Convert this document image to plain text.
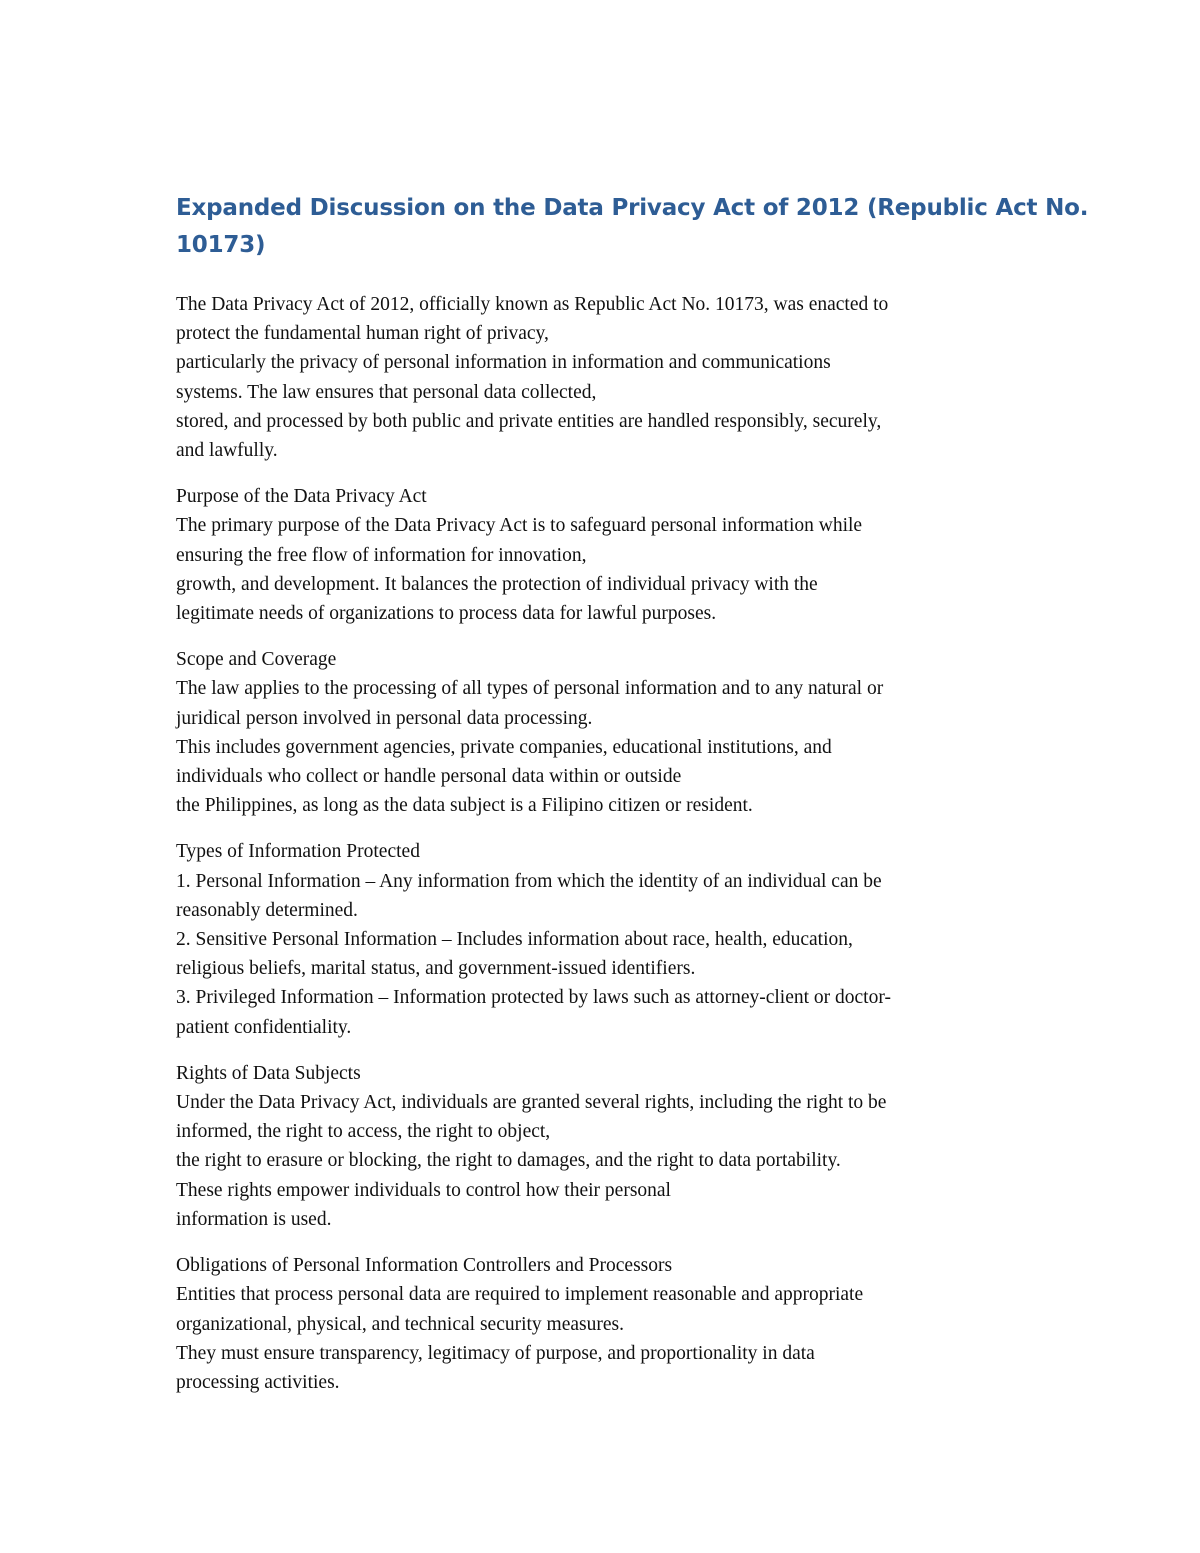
Expanded Discussion on the Data Privacy Act of 2012 (Republic Act No.
10173)

The Data Privacy Act of 2012, officially known as Republic Act No. 10173, was enacted to
protect the fundamental human right of privacy,
particularly the privacy of personal information in information and communications
systems. The law ensures that personal data collected,
stored, and processed by both public and private entities are handled responsibly, securely,
and lawfully.

Purpose of the Data Privacy Act
The primary purpose of the Data Privacy Act is to safeguard personal information while
ensuring the free flow of information for innovation,
growth, and development. It balances the protection of individual privacy with the
legitimate needs of organizations to process data for lawful purposes.

Scope and Coverage
The law applies to the processing of all types of personal information and to any natural or
juridical person involved in personal data processing.
This includes government agencies, private companies, educational institutions, and
individuals who collect or handle personal data within or outside
the Philippines, as long as the data subject is a Filipino citizen or resident.

Types of Information Protected
1. Personal Information – Any information from which the identity of an individual can be
reasonably determined.
2. Sensitive Personal Information – Includes information about race, health, education,
religious beliefs, marital status, and government-issued identifiers.
3. Privileged Information – Information protected by laws such as attorney-client or doctor-
patient confidentiality.

Rights of Data Subjects
Under the Data Privacy Act, individuals are granted several rights, including the right to be
informed, the right to access, the right to object,
the right to erasure or blocking, the right to damages, and the right to data portability.
These rights empower individuals to control how their personal
information is used.

Obligations of Personal Information Controllers and Processors
Entities that process personal data are required to implement reasonable and appropriate
organizational, physical, and technical security measures.
They must ensure transparency, legitimacy of purpose, and proportionality in data
processing activities.
